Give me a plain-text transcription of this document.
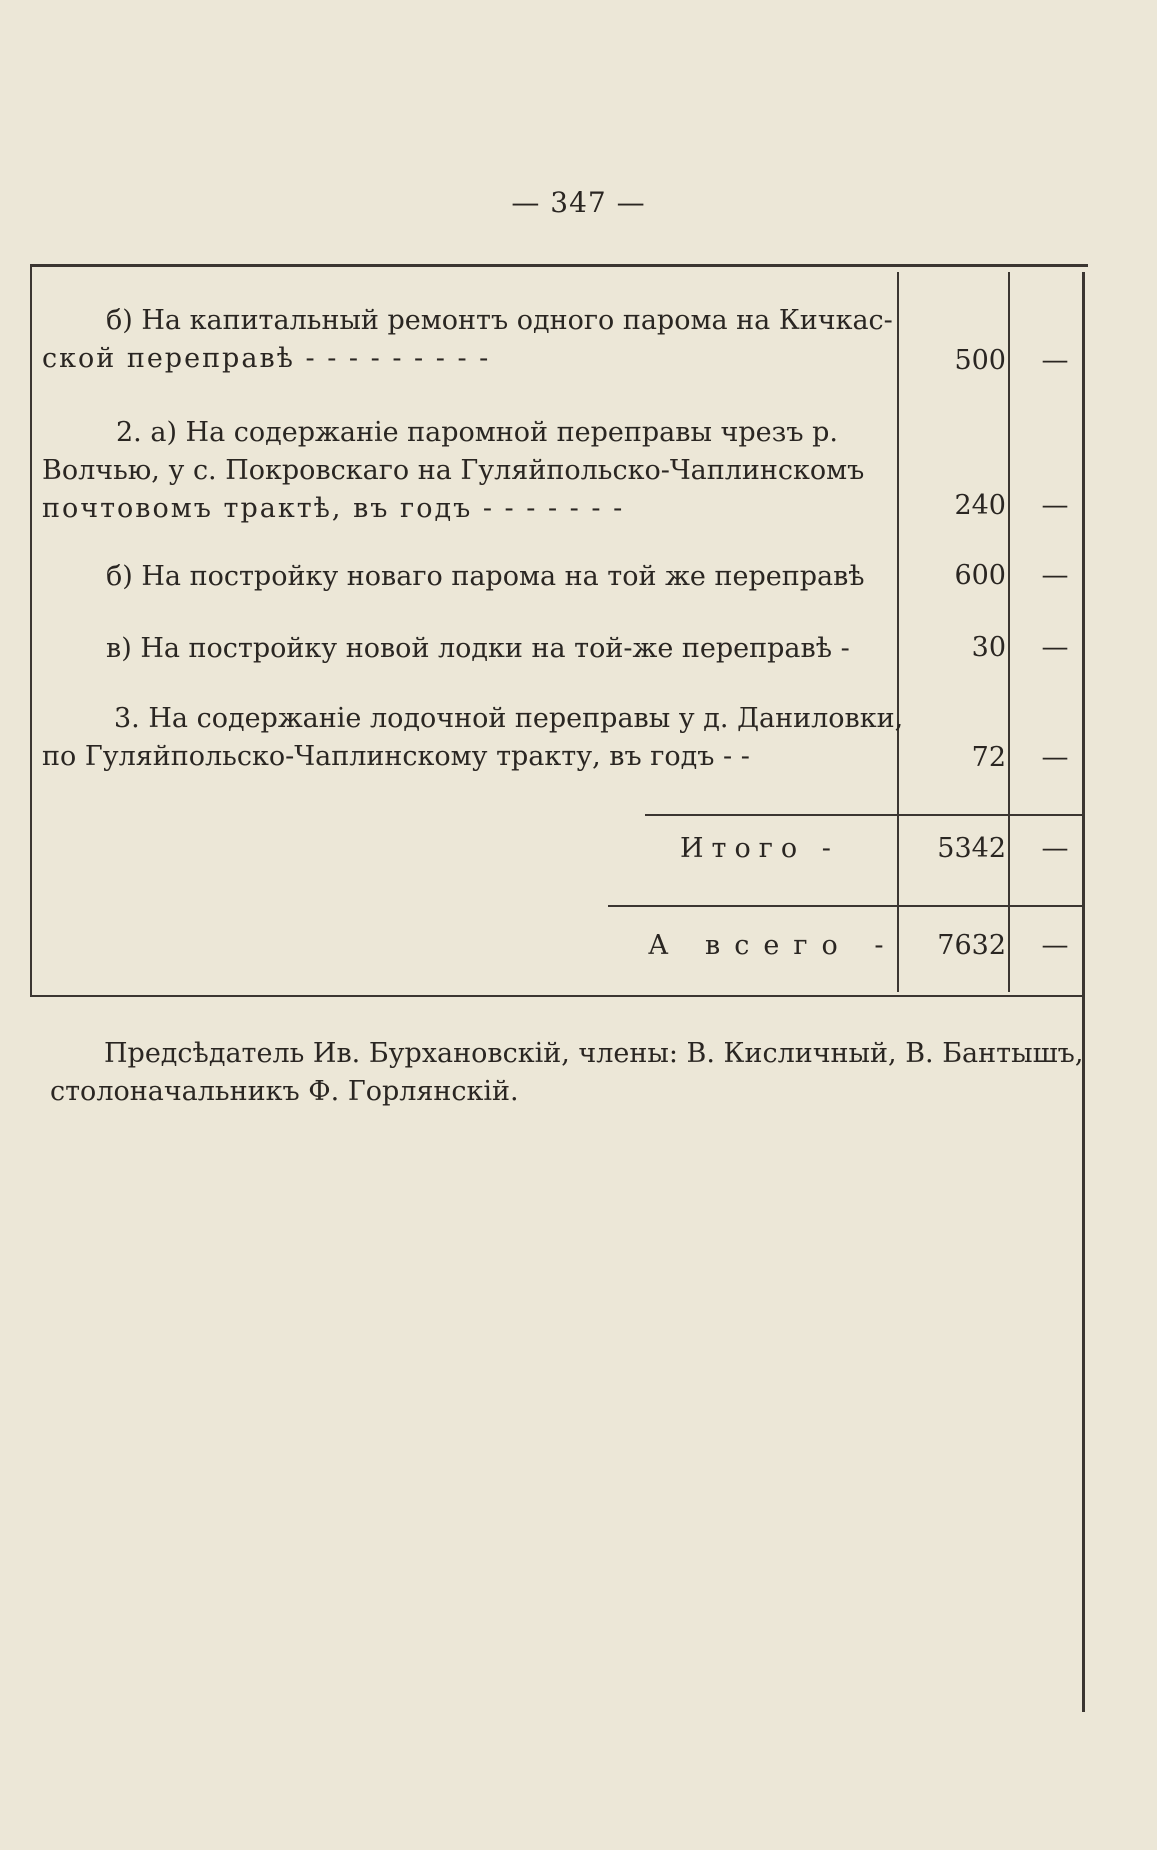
— 347 —
б) На капитальный ремонтъ одного парома на Кичкас-
ской переправѣ - - - - - - - - -	500	—
2. а) На содержаніе паромной переправы чрезъ р.
Волчью, у с. Покровскаго на Гуляйпольско-Чаплинскомъ
почтовомъ трактѣ, въ годъ - - - - - - -	240	—
б) На постройку новаго парома на той же переправѣ	600	—
в) На постройку новой лодки на той-же переправѣ -	30	—
3. На содержаніе лодочной переправы у д. Даниловки,
по Гуляйпольско-Чаплинскому тракту, въ годъ - -	72	—
Итого -	5342	—
А всего -	7632	—
Предсѣдатель Ив. Бурхановскій, члены: В. Кисличный, В. Бантышъ,
столоначальникъ Ф. Горлянскій.
